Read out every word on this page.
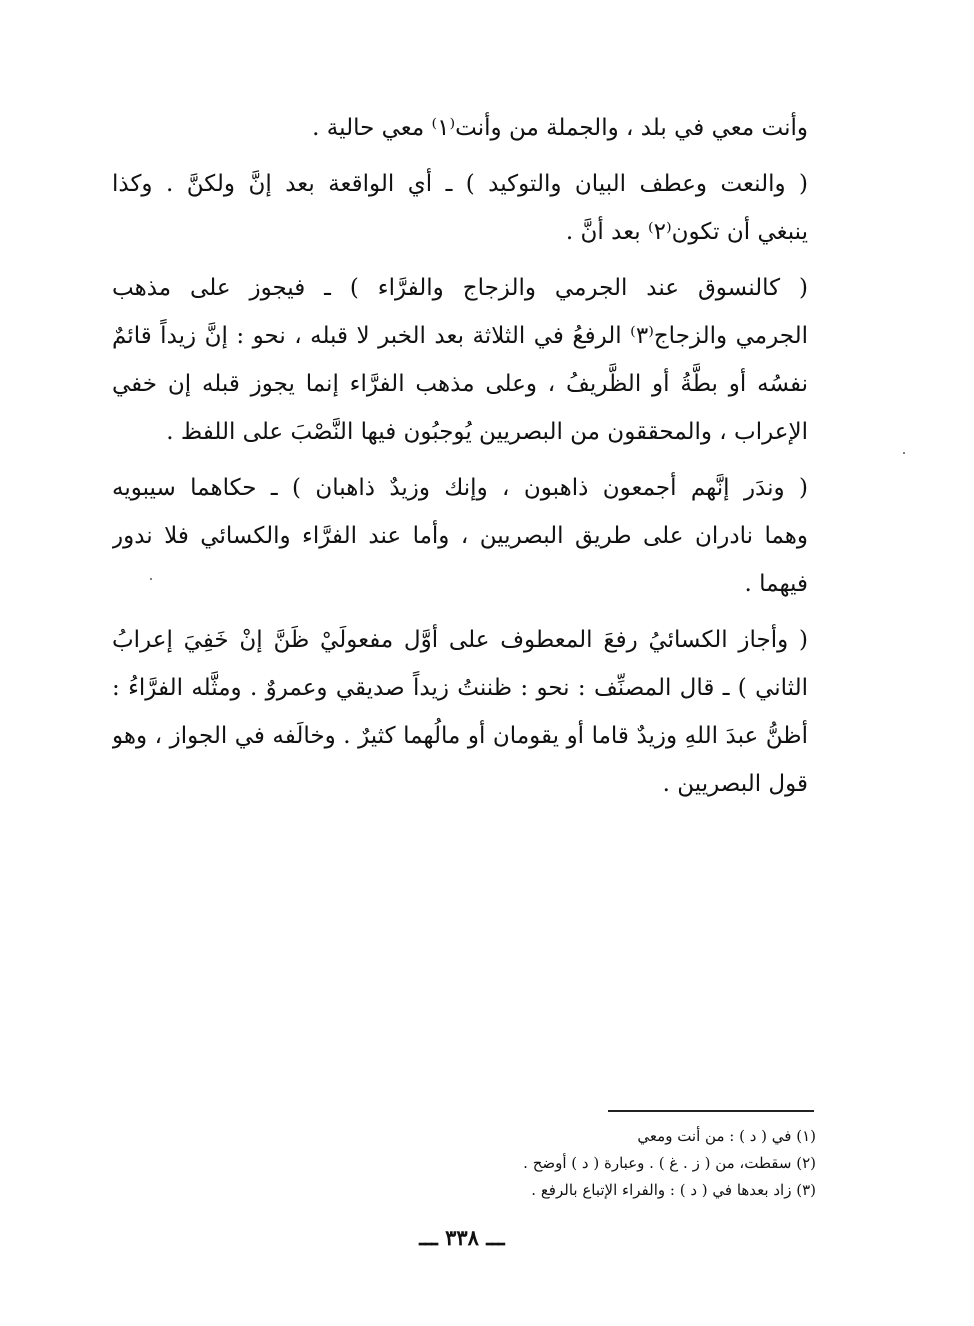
وأنت معي في بلد ، والجملة من وأنت⁽١⁾ معي حالية .
( والنعت وعطف البيان والتوكيد ) ـ أي الواقعة بعد إنَّ ولكنَّ . وكذا
ينبغي أن تكون⁽٢⁾ بعد أنَّ .
( كالنسوق عند الجرمي والزجاج والفرَّاء ) ـ فيجوز على مذهب
الجرمي والزجاج⁽٣⁾ الرفعُ في الثلاثة بعد الخبر لا قبله ، نحو : إنَّ زيداً قائمٌ
نفسُه أو بطَّةُ أو الظَّريفُ ، وعلى مذهب الفرَّاء إنما يجوز قبله إن خفي
الإعراب ، والمحققون من البصريين يُوجبُون فيها النَّصْبَ على اللفظ .
( وندَر إنَّهم أجمعون ذاهبون ، وإنك وزيدٌ ذاهبان ) ـ حكاهما سيبويه
وهما نادران على طريق البصريين ، وأما عند الفرَّاء والكسائي فلا ندور
فيهما .
( وأجاز الكسائيُ رفعَ المعطوف على أوَّل مفعولَيْ ظَنَّ إنْ خَفِيَ إعرابُ
الثاني ) ـ قال المصنِّف : نحو : ظننتُ زيداً صديقي وعمروٌ . ومثَّله الفرَّاءُ :
أظنُّ عبدَ اللهِ وزيدٌ قاما أو يقومان أو مالُهما كثيرٌ . وخالَفه في الجواز ، وهو
قول البصريين .
(١) في ( د ) : من أنت ومعي
(٢) سقطت، من ( ز . غ ) . وعبارة ( د ) أوضح .
(٣) زاد بعدها في ( د ) : والفراء الإتباع بالرفع .
ـــ ٣٣٨ ـــ
